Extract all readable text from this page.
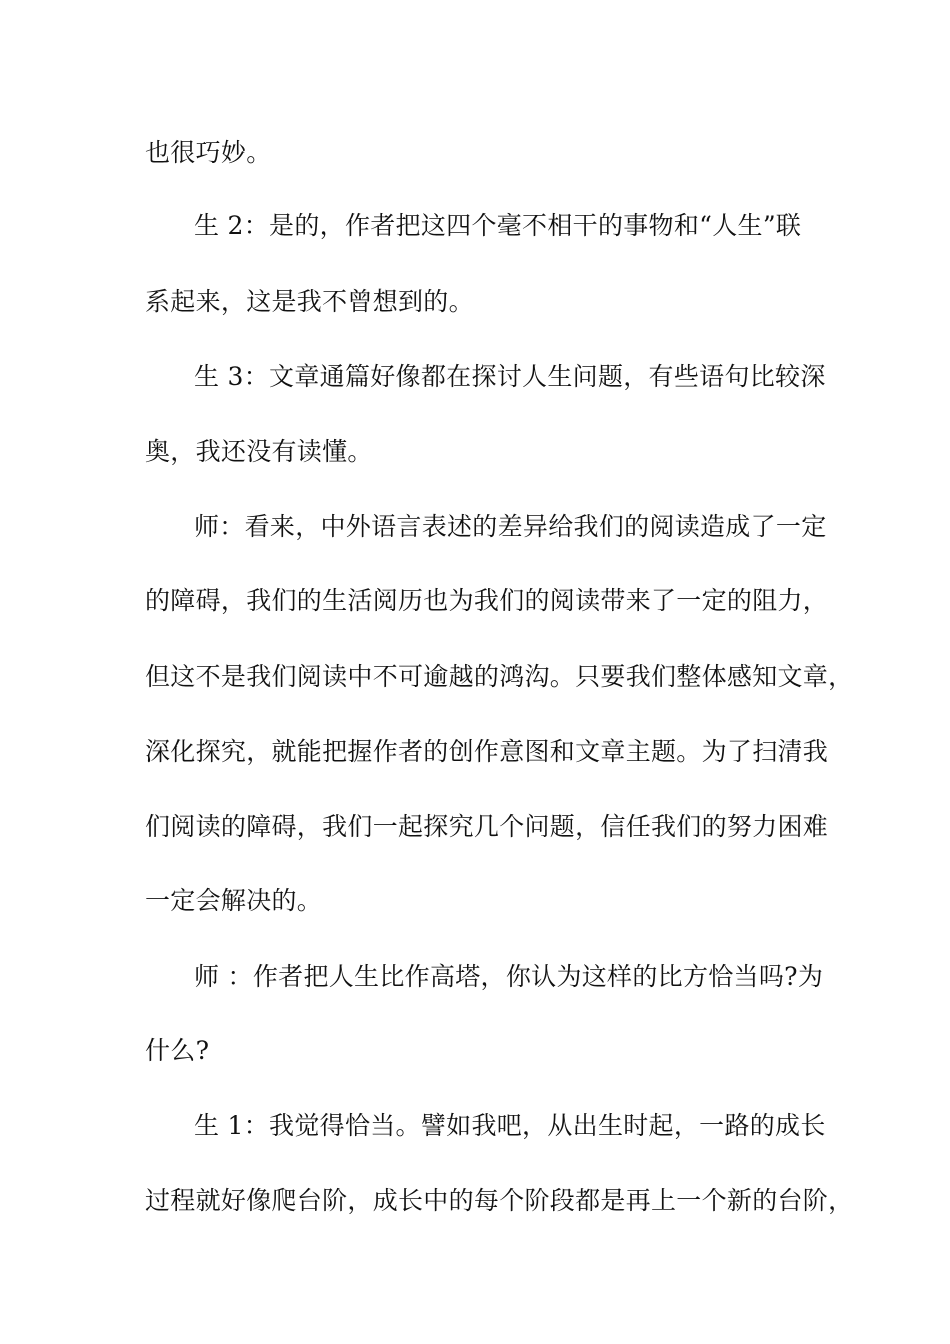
也很巧妙。
生 2：是的，作者把这四个毫不相干的事物和“人生”联
系起来，这是我不曾想到的。
生 3：文章通篇好像都在探讨人生问题，有些语句比较深
奥，我还没有读懂。
师：看来，中外语言表述的差异给我们的阅读造成了一定
的障碍，我们的生活阅历也为我们的阅读带来了一定的阻力，
但这不是我们阅读中不可逾越的鸿沟。只要我们整体感知文章，
深化探究，就能把握作者的创作意图和文章主题。为了扫清我
们阅读的障碍，我们一起探究几个问题，信任我们的努力困难
一定会解决的。
师 ：作者把人生比作高塔，你认为这样的比方恰当吗?为
什么?
生 1：我觉得恰当。譬如我吧，从出生时起，一路的成长
过程就好像爬台阶，成长中的每个阶段都是再上一个新的台阶，
